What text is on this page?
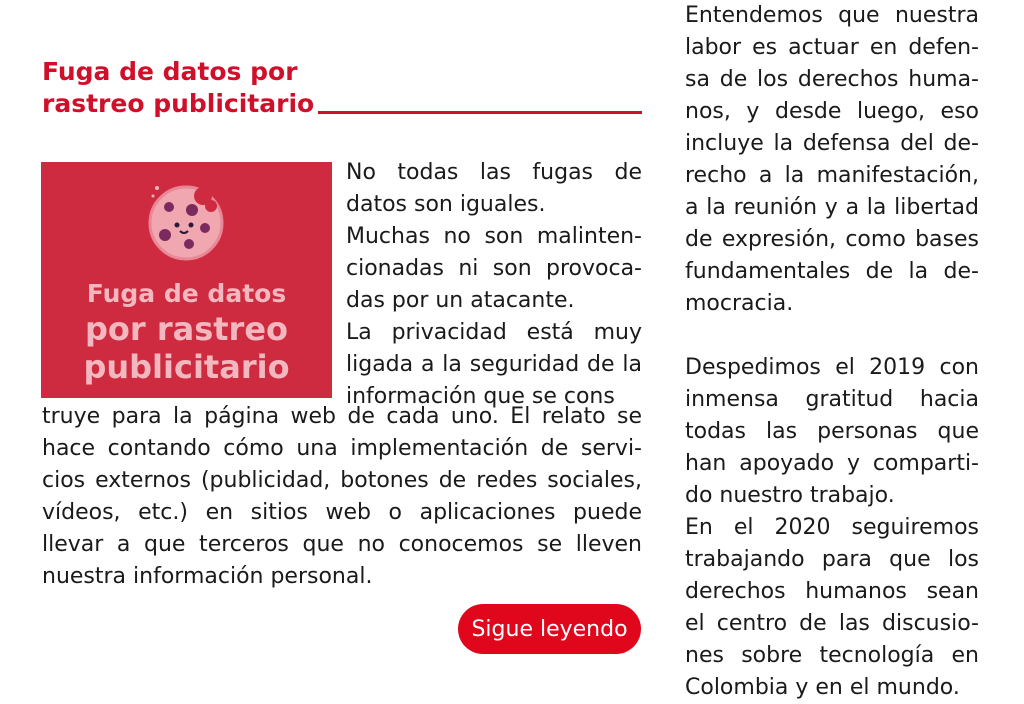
Fuga de datos por
rastreo publicitario
Fuga de datos
por rastreo
publicitario
No todas las fugas de
datos son iguales.
Muchas no son malinten-
cionadas ni son provoca-
das por un atacante.
La privacidad está muy
ligada a la seguridad de la
información que se cons
truye para la página web de cada uno. El relato se
hace contando cómo una implementación de servi-
cios externos (publicidad, botones de redes sociales,
vídeos, etc.) en sitios web o aplicaciones puede
llevar a que terceros que no conocemos se lleven
nuestra información personal.
Sigue leyendo
Entendemos que nuestra
labor es actuar en defen-
sa de los derechos huma-
nos, y desde luego, eso
incluye la defensa del de-
recho a la manifestación,
a la reunión y a la libertad
de expresión, como bases
fundamentales de la de-
mocracia.

Despedimos el 2019 con
inmensa gratitud hacia
todas las personas que
han apoyado y comparti-
do nuestro trabajo.
En el 2020 seguiremos
trabajando para que los
derechos humanos sean
el centro de las discusio-
nes sobre tecnología en
Colombia y en el mundo.
